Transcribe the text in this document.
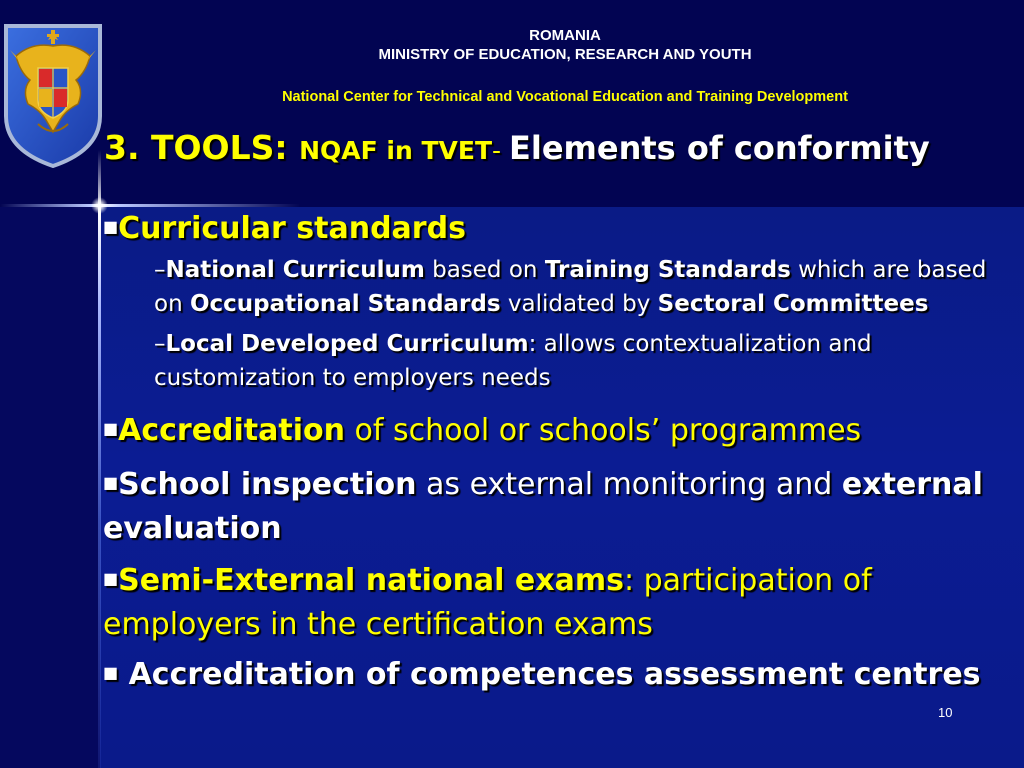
ROMANIA
MINISTRY OF EDUCATION, RESEARCH AND YOUTH
National Center for Technical and Vocational Education and Training Development
3. TOOLS: NQAF in TVET- Elements of conformity
■Curricular standards
–National Curriculum based on Training Standards which are based on Occupational Standards validated by Sectoral Committees
–Local Developed Curriculum: allows contextualization and customization to employers needs
■Accreditation of school or schools’ programmes
■School inspection as external monitoring and external evaluation
■Semi-External national exams: participation of employers in the certification exams
■ Accreditation of competences assessment centres
10
